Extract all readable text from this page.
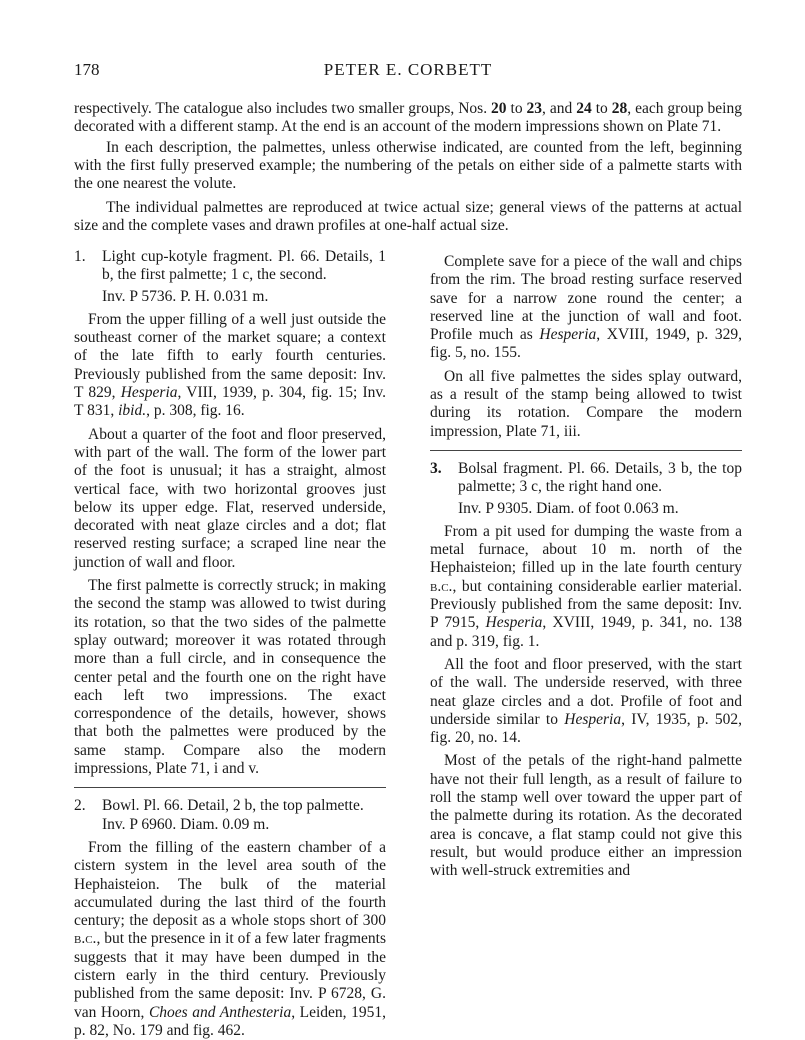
178	PETER E. CORBETT

respectively. The catalogue also includes two smaller groups, Nos. 20 to 23, and 24 to 28, each group being decorated with a different stamp. At the end is an account of the modern impressions shown on Plate 71.

In each description, the palmettes, unless otherwise indicated, are counted from the left, beginning with the first fully preserved example; the numbering of the petals on either side of a palmette starts with the one nearest the volute.

The individual palmettes are reproduced at twice actual size; general views of the patterns at actual size and the complete vases and drawn profiles at one-half actual size.

1. Light cup-kotyle fragment. Pl. 66. Details, 1 b, the first palmette; 1 c, the second.

Inv. P 5736. P. H. 0.031 m.

From the upper filling of a well just outside the southeast corner of the market square; a context of the late fifth to early fourth centuries. Previously published from the same deposit: Inv. T 829, Hesperia, VIII, 1939, p. 304, fig. 15; Inv. T 831, ibid., p. 308, fig. 16.

About a quarter of the foot and floor preserved, with part of the wall. The form of the lower part of the foot is unusual; it has a straight, almost vertical face, with two horizontal grooves just below its upper edge. Flat, reserved underside, decorated with neat glaze circles and a dot; flat reserved resting surface; a scraped line near the junction of wall and floor.

The first palmette is correctly struck; in making the second the stamp was allowed to twist during its rotation, so that the two sides of the palmette splay outward; moreover it was rotated through more than a full circle, and in consequence the center petal and the fourth one on the right have each left two impressions. The exact correspondence of the details, however, shows that both the palmettes were produced by the same stamp. Compare also the modern impressions, Plate 71, i and v.

2. Bowl. Pl. 66. Detail, 2 b, the top palmette.

Inv. P 6960. Diam. 0.09 m.

From the filling of the eastern chamber of a cistern system in the level area south of the Hephaisteion. The bulk of the material accumulated during the last third of the fourth century; the deposit as a whole stops short of 300 b.c., but the presence in it of a few later fragments suggests that it may have been dumped in the cistern early in the third century. Previously published from the same deposit: Inv. P 6728, G. van Hoorn, Choes and Anthesteria, Leiden, 1951, p. 82, No. 179 and fig. 462.

Complete save for a piece of the wall and chips from the rim. The broad resting surface reserved save for a narrow zone round the center; a reserved line at the junction of wall and foot. Profile much as Hesperia, XVIII, 1949, p. 329, fig. 5, no. 155.

On all five palmettes the sides splay outward, as a result of the stamp being allowed to twist during its rotation. Compare the modern impression, Plate 71, iii.

3. Bolsal fragment. Pl. 66. Details, 3 b, the top palmette; 3 c, the right hand one.

Inv. P 9305. Diam. of foot 0.063 m.

From a pit used for dumping the waste from a metal furnace, about 10 m. north of the Hephaisteion; filled up in the late fourth century b.c., but containing considerable earlier material. Previously published from the same deposit: Inv. P 7915, Hesperia, XVIII, 1949, p. 341, no. 138 and p. 319, fig. 1.

All the foot and floor preserved, with the start of the wall. The underside reserved, with three neat glaze circles and a dot. Profile of foot and underside similar to Hesperia, IV, 1935, p. 502, fig. 20, no. 14.

Most of the petals of the right-hand palmette have not their full length, as a result of failure to roll the stamp well over toward the upper part of the palmette during its rotation. As the decorated area is concave, a flat stamp could not give this result, but would produce either an impression with well-struck extremities and
